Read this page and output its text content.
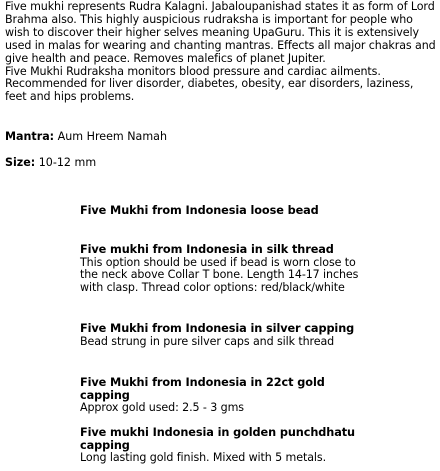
Five mukhi represents Rudra Kalagni. Jabaloupanishad states it as form of Lord Brahma also. This highly auspicious rudraksha is important for people who wish to discover their higher selves meaning UpaGuru. This it is extensively used in malas for wearing and chanting mantras. Effects all major chakras and give health and peace. Removes malefics of planet Jupiter.

Five Mukhi Rudraksha monitors blood pressure and cardiac ailments. Recommended for liver disorder, diabetes, obesity, ear disorders, laziness, feet and hips problems.

Mantra: Aum Hreem Namah
Size: 10-12 mm
Five Mukhi from Indonesia loose bead
Five mukhi from Indonesia in silk thread
This option should be used if bead is worn close to the neck above Collar T bone. Length 14-17 inches with clasp. Thread color options: red/black/white
Five Mukhi from Indonesia in silver capping
Bead strung in pure silver caps and silk thread
Five Mukhi from Indonesia in 22ct gold capping
Approx gold used: 2.5 - 3 gms
Five mukhi Indonesia in golden punchdhatu capping
Long lasting gold finish. Mixed with 5 metals.
